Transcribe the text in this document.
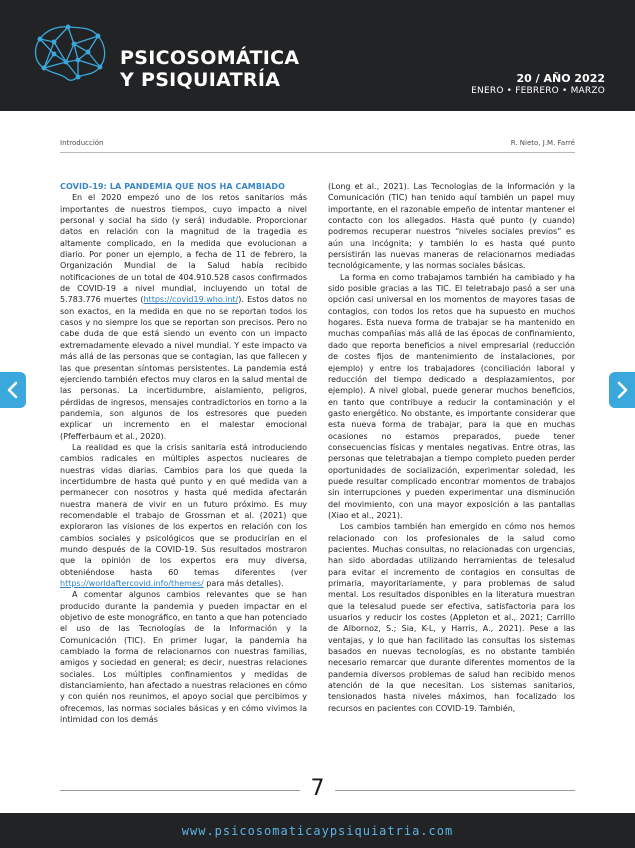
PSICOSOMÁTICA
Y PSIQUIATRÍA	20 / AÑO 2022
ENERO • FEBRERO • MARZO
Introducción	R. Nieto, J.M. Farré
COVID-19: LA PANDEMIA QUE NOS HA CAMBIADO

En el 2020 empezó uno de los retos sanitarios más importantes de nuestros tiempos, cuyo impacto a nivel personal y social ha sido (y será) indudable. Proporcionar datos en relación con la magnitud de la tragedia es altamente complicado, en la medida que evolucionan a diario. Por poner un ejemplo, a fecha de 11 de febrero, la Organización Mundial de la Salud había recibido notificaciones de un total de 404.910.528 casos confirmados de COVID-19 a nivel mundial, incluyendo un total de 5.783.776 muertes (https://covid19.who.int/). Estos datos no son exactos, en la medida en que no se reportan todos los casos y no siempre los que se reportan son precisos. Pero no cabe duda de que está siendo un evento con un impacto extremadamente elevado a nivel mundial. Y este impacto va más allá de las personas que se contagian, las que fallecen y las que presentan síntomas persistentes. La pandemia está ejerciendo también efectos muy claros en la salud mental de las personas. La incertidumbre, aislamiento, peligros, pérdidas de ingresos, mensajes contradictorios en torno a la pandemia, son algunos de los estresores que pueden explicar un incremento en el malestar emocional (Pfefferbaum et al., 2020).

La realidad es que la crisis sanitaria está introduciendo cambios radicales en múltiples aspectos nucleares de nuestras vidas diarias. Cambios para los que queda la incertidumbre de hasta qué punto y en qué medida van a permanecer con nosotros y hasta qué medida afectarán nuestra manera de vivir en un futuro próximo. Es muy recomendable el trabajo de Grossman et al. (2021) que exploraron las visiones de los expertos en relación con los cambios sociales y psicológicos que se producirían en el mundo después de la COVID-19. Sus resultados mostraron que la opinión de los expertos era muy diversa, obteniéndose hasta 60 temas diferentes (ver https://worldaftercovid.info/themes/ para más detalles).

A comentar algunos cambios relevantes que se han producido durante la pandemia y pueden impactar en el objetivo de este monográfico, en tanto a que han potenciado el uso de las Tecnologías de la Información y la Comunicación (TIC). En primer lugar, la pandemia ha cambiado la forma de relacionarnos con nuestras familias, amigos y sociedad en general; es decir, nuestras relaciones sociales. Los múltiples confinamientos y medidas de distanciamiento, han afectado a nuestras relaciones en cómo y con quién nos reunimos, el apoyo social que percibimos y ofrecemos, las normas sociales básicas y en cómo vivimos la intimidad con los demás

(Long et al., 2021). Las Tecnologías de la Información y la Comunicación (TIC) han tenido aquí también un papel muy importante, en el razonable empeño de intentar mantener el contacto con los allegados. Hasta qué punto (y cuando) podremos recuperar nuestros “niveles sociales previos” es aún una incógnita; y también lo es hasta qué punto persistirán las nuevas maneras de relacionarnos mediadas tecnológicamente, y las normas sociales básicas.

La forma en como trabajamos también ha cambiado y ha sido posible gracias a las TIC. El teletrabajo pasó a ser una opción casi universal en los momentos de mayores tasas de contagios, con todos los retos que ha supuesto en muchos hogares. Esta nueva forma de trabajar se ha mantenido en muchas compañías más allá de las épocas de confinamiento, dado que reporta beneficios a nivel empresarial (reducción de costes fijos de mantenimiento de instalaciones, por ejemplo) y entre los trabajadores (conciliación laboral y reducción del tiempo dedicado a desplazamientos, por ejemplo). A nivel global, puede generar muchos beneficios, en tanto que contribuye a reducir la contaminación y el gasto energético. No obstante, es importante considerar que esta nueva forma de trabajar, para la que en muchas ocasiones no estamos preparados, puede tener consecuencias físicas y mentales negativas. Entre otras, las personas que teletrabajan a tiempo completo pueden perder oportunidades de socialización, experimentar soledad, les puede resultar complicado encontrar momentos de trabajos sin interrupciones y pueden experimentar una disminución del movimiento, con una mayor exposición a las pantallas (Xiao et al., 2021).

Los cambios también han emergido en cómo nos hemos relacionado con los profesionales de la salud como pacientes. Muchas consultas, no relacionadas con urgencias, han sido abordadas utilizando herramientas de telesalud para evitar el incremento de contagios en consultas de primaria, mayoritariamente, y para problemas de salud mental. Los resultados disponibles en la literatura muestran que la telesalud puede ser efectiva, satisfactoria para los usuarios y reducir los costes (Appleton et al., 2021; Carrillo de Albornoz, S.; Sia, K-L, y Harris, A., 2021). Pese a las ventajas, y lo que han facilitado las consultas los sistemas basados en nuevas tecnologías, es no obstante también necesario remarcar que durante diferentes momentos de la pandemia diversos problemas de salud han recibido menos atención de la que necesitan. Los sistemas sanitarios, tensionados hasta niveles máximos, han focalizado los recursos en pacientes con COVID-19. También,

7
www.psicosomaticaypsiquiatria.com
